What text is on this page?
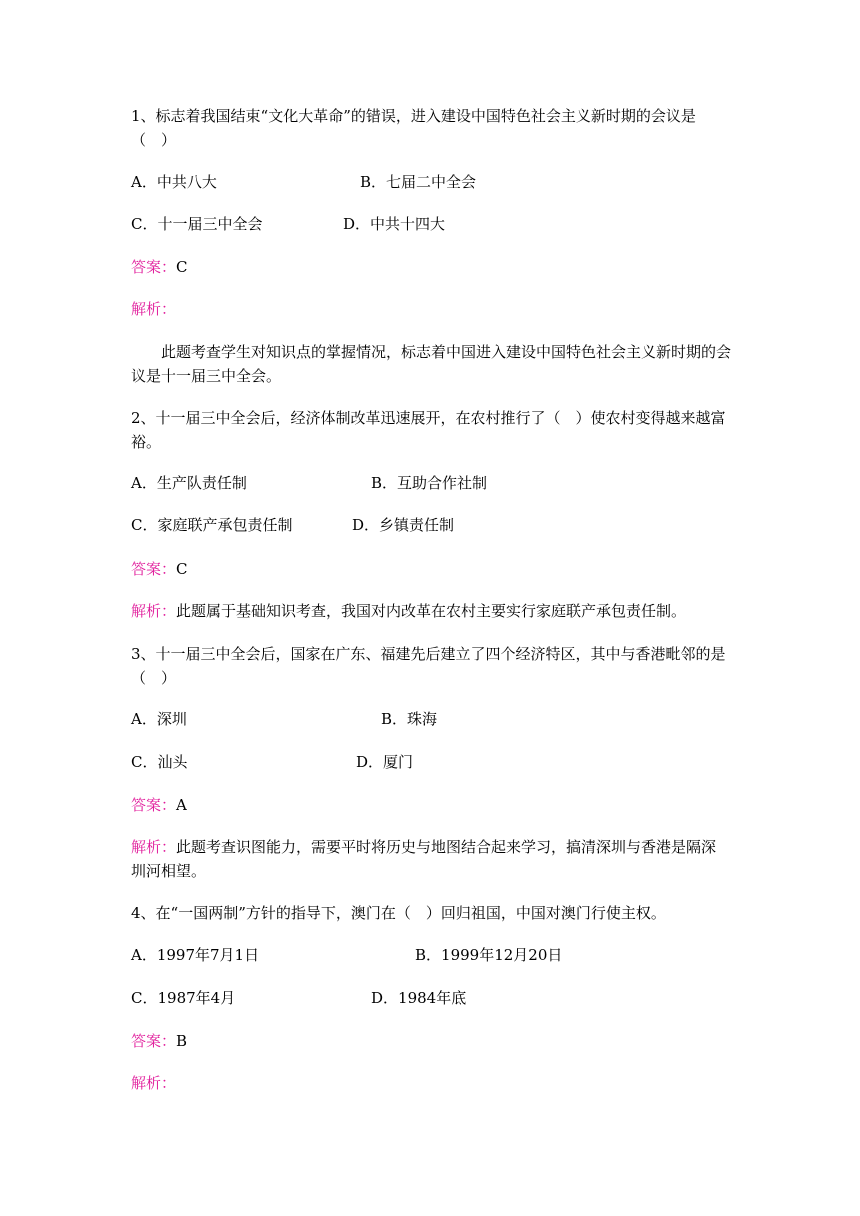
1、标志着我国结束“文化大革命”的错误，进入建设中国特色社会主义新时期的会议是（　）
A．中共八大	B．七届二中全会
C．十一届三中全会	D．中共十四大
答案：C
解析：
此题考查学生对知识点的掌握情况，标志着中国进入建设中国特色社会主义新时期的会议是十一届三中全会。
2、十一届三中全会后，经济体制改革迅速展开，在农村推行了（　）使农村变得越来越富裕。
A．生产队责任制	B．互助合作社制
C．家庭联产承包责任制	D．乡镇责任制
答案：C
解析：此题属于基础知识考查，我国对内改革在农村主要实行家庭联产承包责任制。
3、十一届三中全会后，国家在广东、福建先后建立了四个经济特区，其中与香港毗邻的是（　）
A．深圳	B．珠海
C．汕头	D．厦门
答案：A
解析：此题考查识图能力，需要平时将历史与地图结合起来学习，搞清深圳与香港是隔深圳河相望。
4、在“一国两制”方针的指导下，澳门在（　）回归祖国，中国对澳门行使主权。
A．1997年7月1日	B．1999年12月20日
C．1987年4月	D．1984年底
答案：B
解析：
